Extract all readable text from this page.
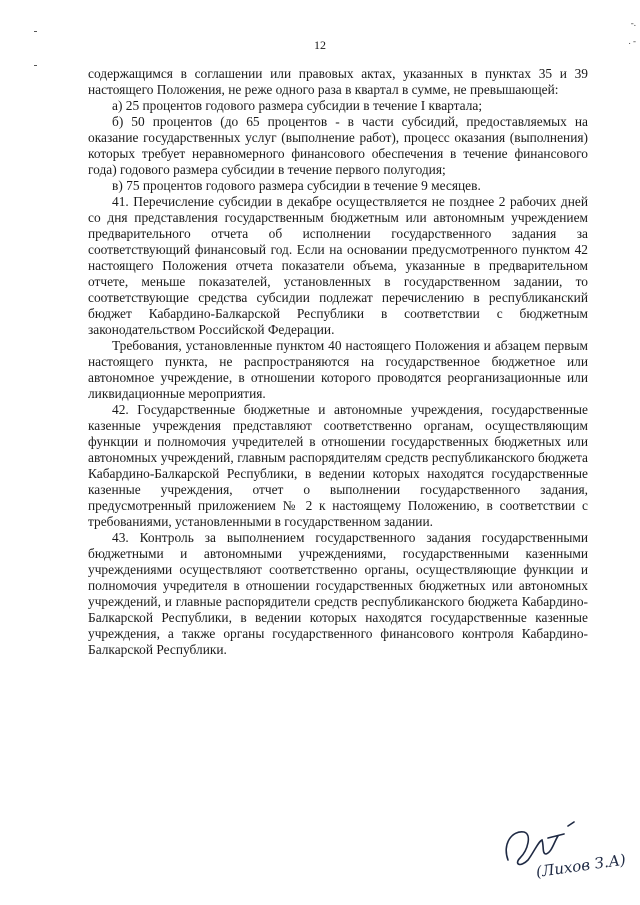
12
-.
. -

содержащимся в соглашении или правовых актах, указанных в пунктах 35 и 39 настоящего Положения, не реже одного раза в квартал в сумме, не превышающей:

а) 25 процентов годового размера субсидии в течение I квартала;

б) 50 процентов (до 65 процентов - в части субсидий, предоставляемых на оказание государственных услуг (выполнение работ), процесс оказания (выполнения) которых требует неравномерного финансового обеспечения в течение финансового года) годового размера субсидии в течение первого полугодия;

в) 75 процентов годового размера субсидии в течение 9 месяцев.

41. Перечисление субсидии в декабре осуществляется не позднее 2 рабочих дней со дня представления государственным бюджетным или автономным учреждением предварительного отчета об исполнении государственного задания за соответствующий финансовый год. Если на основании предусмотренного пунктом 42 настоящего Положения отчета показатели объема, указанные в предварительном отчете, меньше показателей, установленных в государственном задании, то соответствующие средства субсидии подлежат перечислению в республиканский бюджет Кабардино-Балкарской Республики в соответствии с бюджетным законодательством Российской Федерации.

Требования, установленные пунктом 40 настоящего Положения и абзацем первым настоящего пункта, не распространяются на государственное бюджетное или автономное учреждение, в отношении которого проводятся реорганизационные или ликвидационные мероприятия.

42. Государственные бюджетные и автономные учреждения, государственные казенные учреждения представляют соответственно органам, осуществляющим функции и полномочия учредителей в отношении государственных бюджетных или автономных учреждений, главным распорядителям средств республиканского бюджета Кабардино-Балкарской Республики, в ведении которых находятся государственные казенные учреждения, отчет о выполнении государственного задания, предусмотренный приложением № 2 к настоящему Положению, в соответствии с требованиями, установленными в государственном задании.

43. Контроль за выполнением государственного задания государственными бюджетными и автономными учреждениями, государственными казенными учреждениями осуществляют соответственно органы, осуществляющие функции и полномочия учредителя в отношении государственных бюджетных или автономных учреждений, и главные распорядители средств республиканского бюджета Кабардино-Балкарской Республики, в ведении которых находятся государственные казенные учреждения, а также органы государственного финансового контроля Кабардино-Балкарской Республики.

(Лихов З.А)
